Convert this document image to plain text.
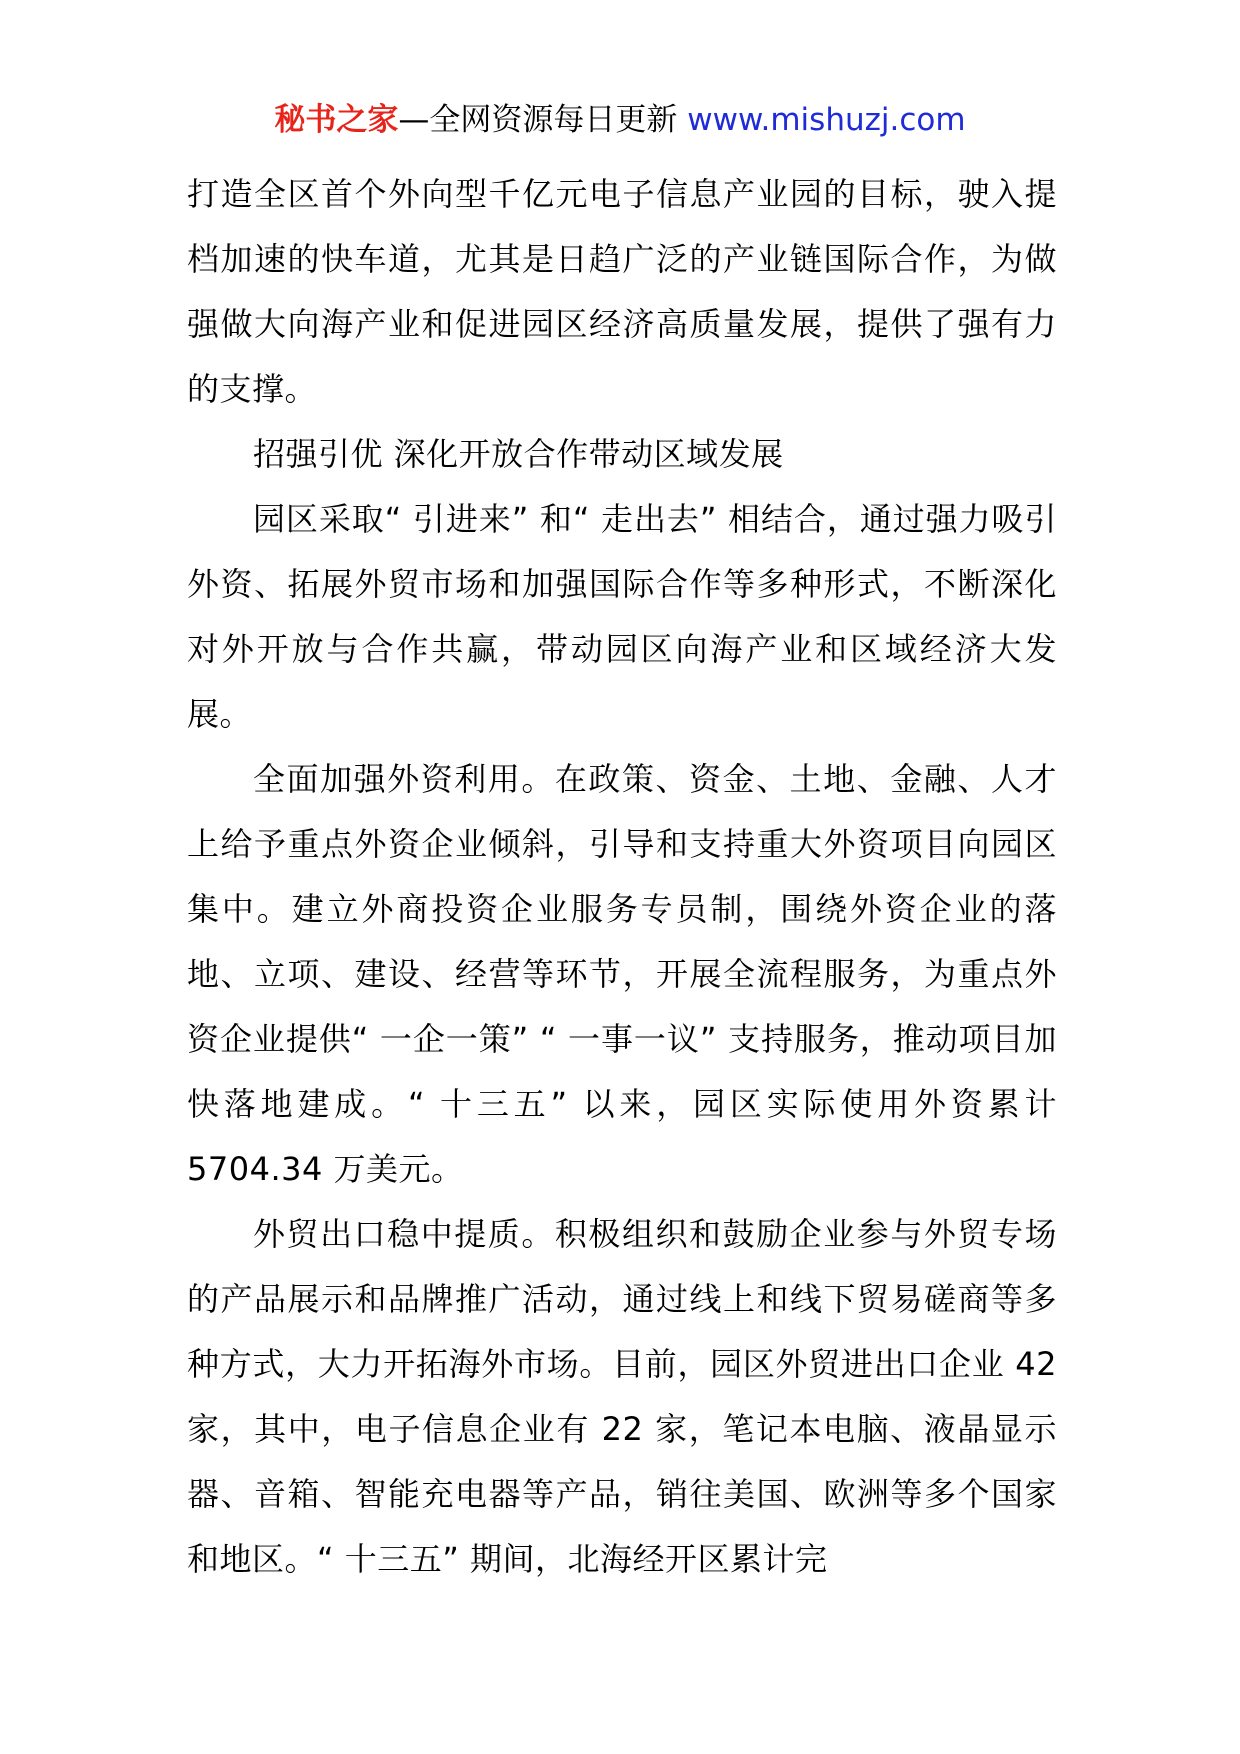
秘书之家—全网资源每日更新 www.mishuzj.com

打造全区首个外向型千亿元电子信息产业园的目标，驶入提档加速的快车道，尤其是日趋广泛的产业链国际合作，为做强做大向海产业和促进园区经济高质量发展，提供了强有力的支撑。

招强引优 深化开放合作带动区域发展

园区采取“ 引进来” 和“ 走出去” 相结合，通过强力吸引外资、拓展外贸市场和加强国际合作等多种形式，不断深化对外开放与合作共赢，带动园区向海产业和区域经济大发展。

全面加强外资利用。在政策、资金、土地、金融、人才上给予重点外资企业倾斜，引导和支持重大外资项目向园区集中。建立外商投资企业服务专员制，围绕外资企业的落地、立项、建设、经营等环节，开展全流程服务，为重点外资企业提供“ 一企一策” “ 一事一议” 支持服务，推动项目加快落地建成。“ 十三五” 以来，园区实际使用外资累计 5704.34 万美元。

外贸出口稳中提质。积极组织和鼓励企业参与外贸专场的产品展示和品牌推广活动，通过线上和线下贸易磋商等多种方式，大力开拓海外市场。目前，园区外贸进出口企业 42 家，其中，电子信息企业有 22 家，笔记本电脑、液晶显示器、音箱、智能充电器等产品，销往美国、欧洲等多个国家和地区。“ 十三五” 期间，北海经开区累计完
